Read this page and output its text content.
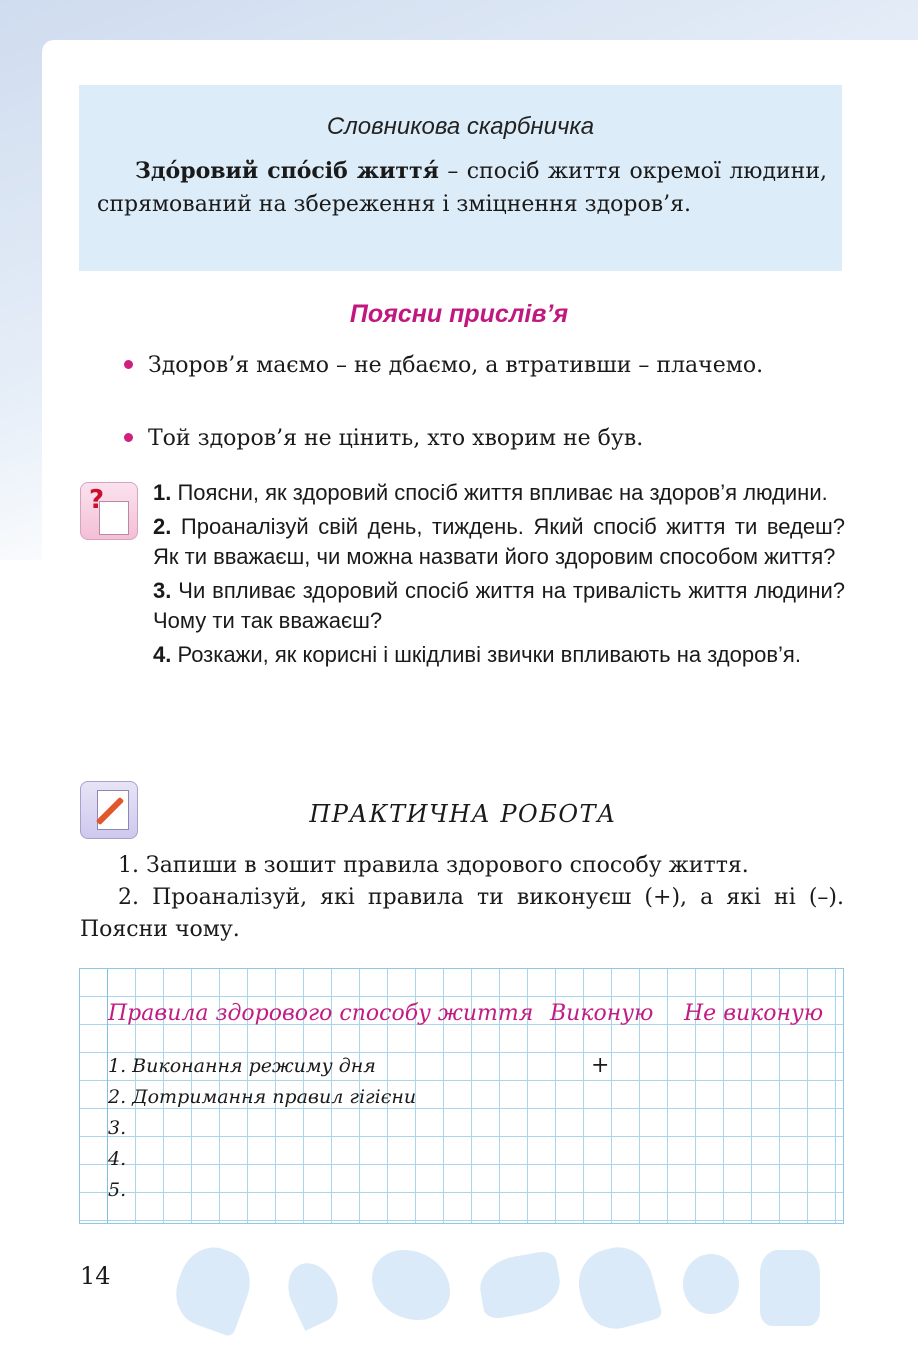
Словникова скарбничка
Здо́ровий спо́сіб життя́ – спосіб життя окремої людини, спрямований на збереження і зміцнення здоров’я.
Поясни прислів’я
Здоров’я маємо – не дбаємо, а втративши – плачемо.
Той здоров’я не цінить, хто хворим не був.
? 1. Поясни, як здоровий спосіб життя впливає на здоров’я людини.
2. Проаналізуй свій день, тиждень. Який спосіб життя ти ведеш? Як ти вважаєш, чи можна назвати його здоровим способом життя?
3. Чи впливає здоровий спосіб життя на тривалість життя людини? Чому ти так вважаєш?
4. Розкажи, як корисні і шкідливі звички впливають на здоров’я.
ПРАКТИЧНА РОБОТА

1. Запиши в зошит правила здорового способу життя.

2. Проаналізуй, які правила ти виконуєш (+), а які ні (–). Поясни чому.

Правила здорового способу життя Виконую Не виконую
1. Виконання режиму дня	+
2. Дотримання правил гігієни
3.
4.
5.
14
